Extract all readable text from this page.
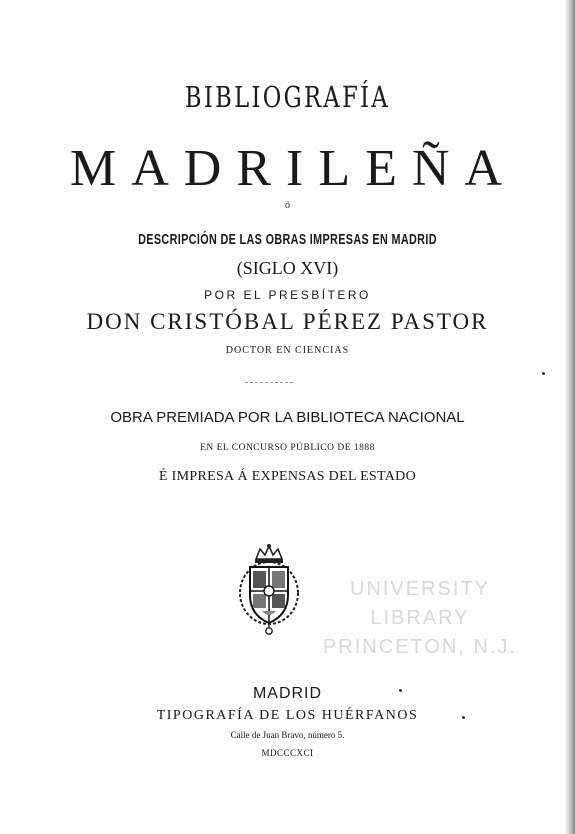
BIBLIOGRAFÍA
MADRILEÑA
ó
DESCRIPCIÓN DE LAS OBRAS IMPRESAS EN MADRID
(SIGLO XVI)
POR EL PRESBÍTERO
DON CRISTÓBAL PÉREZ PASTOR
DOCTOR EN CIENCIAS
OBRA PREMIADA POR LA BIBLIOTECA NACIONAL
EN EL CONCURSO PÚBLICO DE 1888
É IMPRESA Á EXPENSAS DEL ESTADO
UNIVERSITY
LIBRARY
PRINCETON, N.J.
MADRID
TIPOGRAFÍA DE LOS HUÉRFANOS
Calle de Juan Bravo, número 5.
MDCCCXCI
